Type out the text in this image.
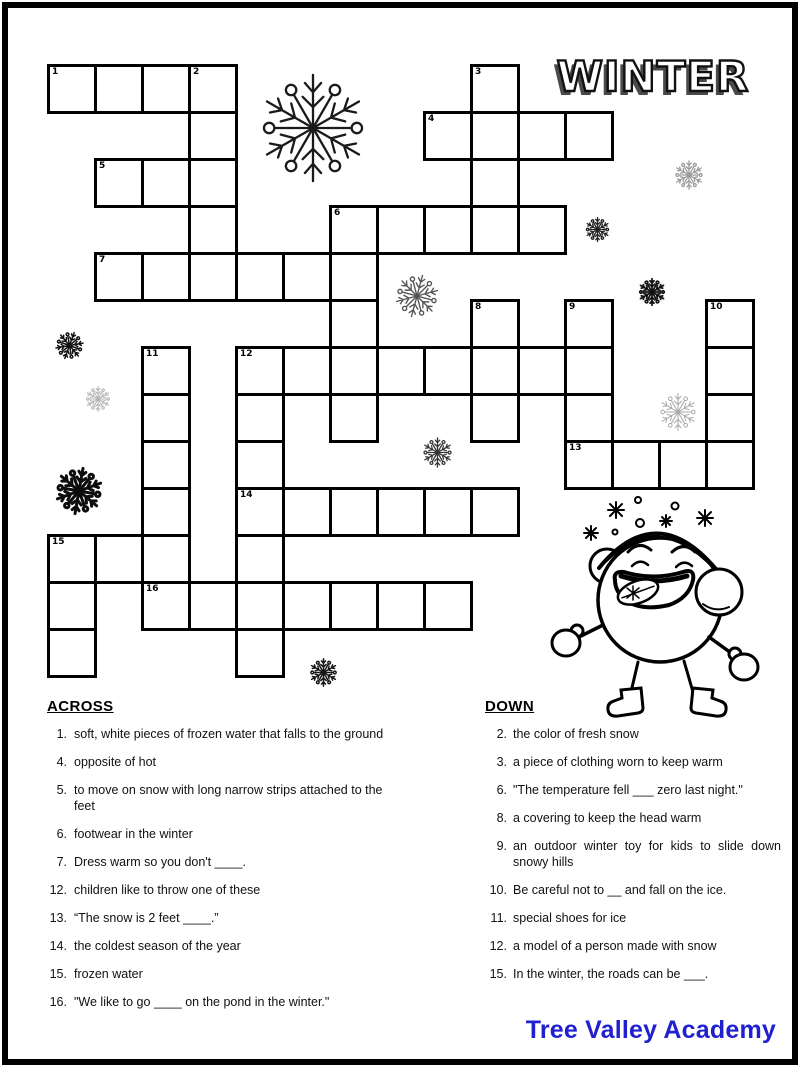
1	2	3
4
5
6
7
8	9
13
10
11
16
12
14
15
WINTER
ACROSS
1. soft, white pieces of frozen water that falls to the ground
4. opposite of hot
5. to move on snow with long narrow strips attached to the feet
6. footwear in the winter
7. Dress warm so you don't ____.
12. children like to throw one of these
13. “The snow is 2 feet ____.”
14. the coldest season of the year
15. frozen water
16. "We like to go ____ on the pond in the winter."
DOWN
2. the color of fresh snow
3. a piece of clothing worn to keep warm
6. "The temperature fell ___ zero last night."
8. a covering to keep the head warm
9. an outdoor winter toy for kids to slide down snowy hills
10. Be careful not to __ and fall on the ice.
11. special shoes for ice
12. a model of a person made with snow
15. In the winter, the roads can be ___.
Tree Valley Academy
